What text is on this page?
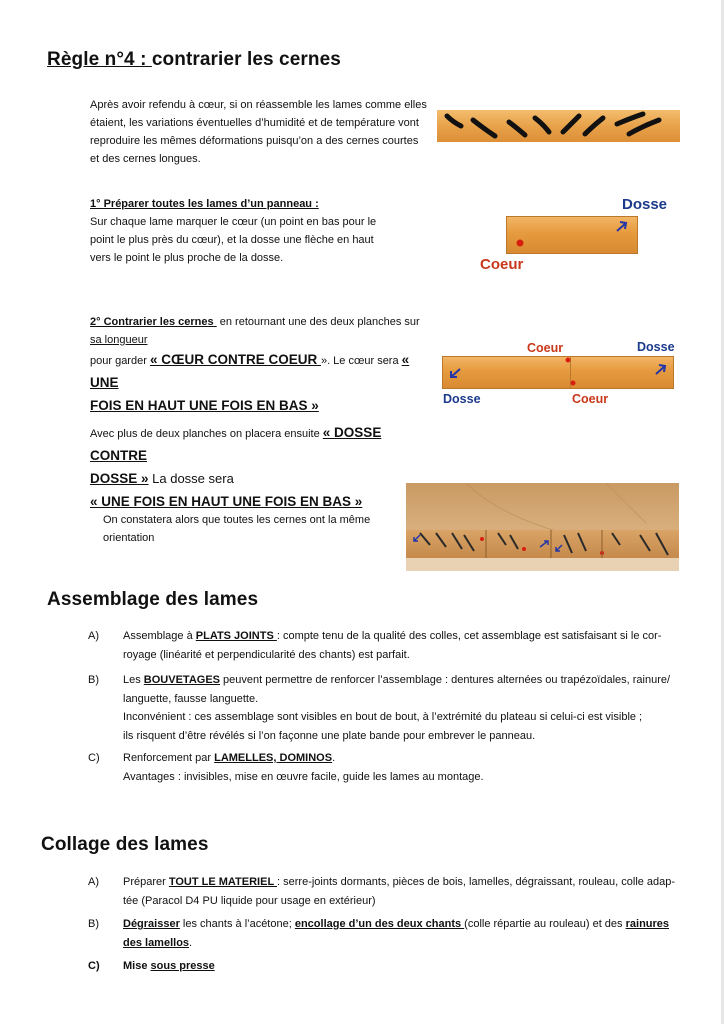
Règle n°4 : contrarier les cernes

Après avoir refendu à cœur, si on réassemble les lames comme elles

étaient, les variations éventuelles d’humidité et de température vont

reproduire les mêmes déformations puisqu’on a des cernes courtes

et des cernes longues.

1° Préparer toutes les lames d’un panneau :

Sur chaque lame marquer le cœur (un point en bas pour le

point le plus près du cœur), et la dosse une flèche en haut

vers le point le plus proche de la dosse.

Dosse
Coeur
2° Contrarier les cernes  en retournant une des deux planches sur
sa longueur
pour garder « CŒUR CONTRE COEUR ». Le cœur sera « UNE
FOIS EN HAUT UNE FOIS EN BAS »
Avec plus de deux planches on placera ensuite « DOSSE CONTRE
DOSSE » La dosse sera
« UNE FOIS EN HAUT UNE FOIS EN BAS »
Coeur	Dosse
Dosse	Coeur

On constatera alors que toutes les cernes ont la même

orientation

Assemblage des lames
A) Assemblage à PLATS JOINTS : compte tenu de la qualité des colles, cet assemblage est satisfaisant si le cor-
royage (linéarité et perpendicularité des chants) est parfait.
B) Les BOUVETAGES peuvent permettre de renforcer l’assemblage : dentures alternées ou trapézoïdales, rainure/
languette, fausse languette.
Inconvénient : ces assemblage sont visibles en bout de bout, à l’extrémité du plateau si celui-ci est visible ;
ils risquent d’être révélés si l’on façonne une plate bande pour embrever le panneau.
C) Renforcement par LAMELLES, DOMINOS.
Avantages : invisibles, mise en œuvre facile, guide les lames au montage.
Collage des lames
A) Préparer TOUT LE MATERIEL : serre-joints dormants, pièces de bois, lamelles, dégraissant, rouleau, colle adap-
tée (Paracol D4 PU liquide pour usage en extérieur)
B) Dégraisser les chants à l’acétone; encollage d’un des deux chants (colle répartie au rouleau) et des rainures
des lamellos.
C) Mise sous presse
